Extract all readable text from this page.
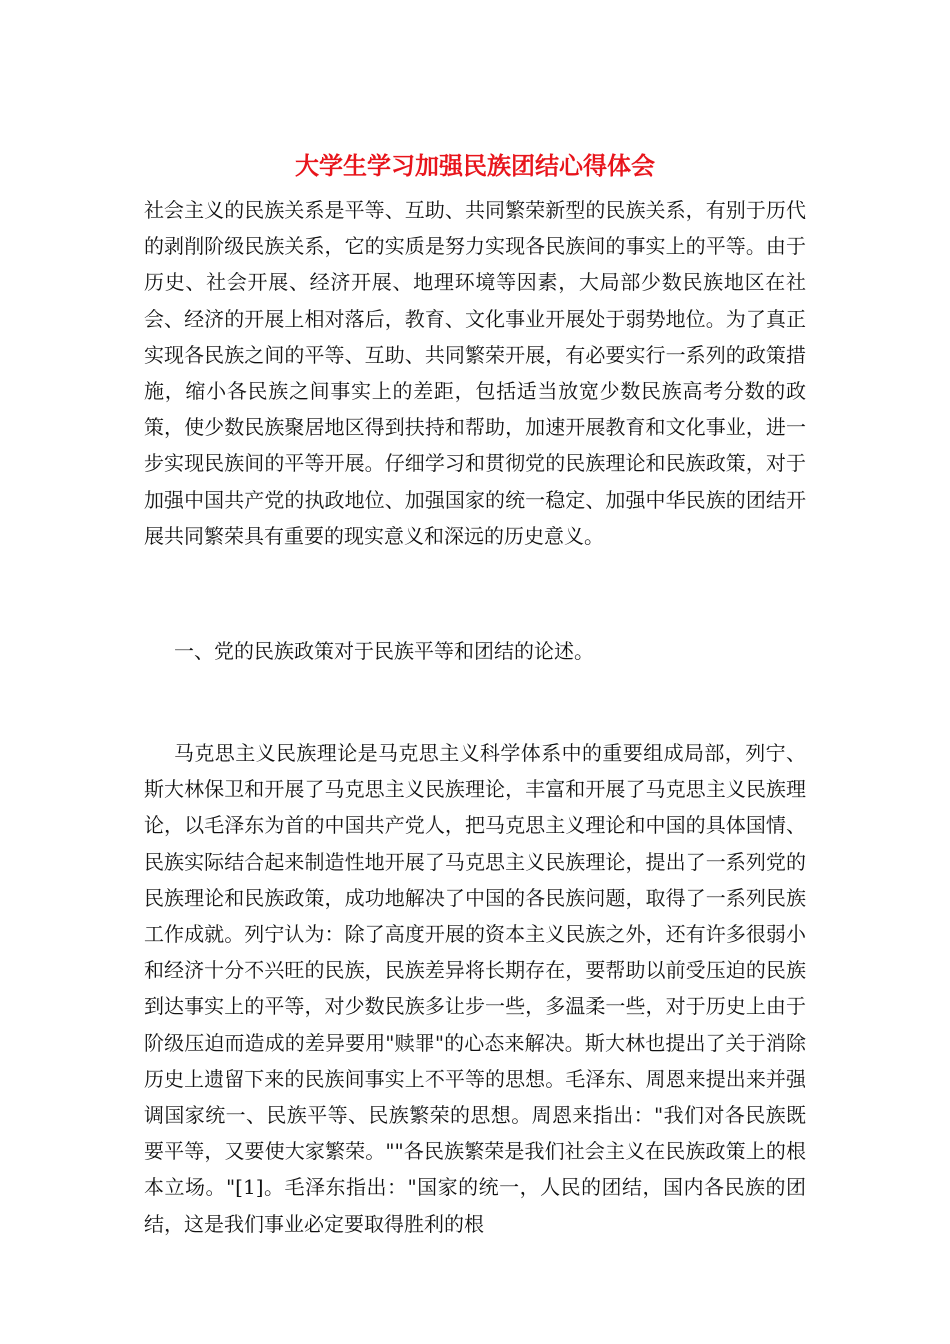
大学生学习加强民族团结心得体会

社会主义的民族关系是平等、互助、共同繁荣新型的民族关系，有别于历代的剥削阶级民族关系，它的实质是努力实现各民族间的事实上的平等。由于历史、社会开展、经济开展、地理环境等因素，大局部少数民族地区在社会、经济的开展上相对落后，教育、文化事业开展处于弱势地位。为了真正实现各民族之间的平等、互助、共同繁荣开展，有必要实行一系列的政策措施，缩小各民族之间事实上的差距，包括适当放宽少数民族高考分数的政策，使少数民族聚居地区得到扶持和帮助，加速开展教育和文化事业，进一步实现民族间的平等开展。仔细学习和贯彻党的民族理论和民族政策，对于加强中国共产党的执政地位、加强国家的统一稳定、加强中华民族的团结开展共同繁荣具有重要的现实意义和深远的历史意义。

一、党的民族政策对于民族平等和团结的论述。

马克思主义民族理论是马克思主义科学体系中的重要组成局部，列宁、斯大林保卫和开展了马克思主义民族理论，丰富和开展了马克思主义民族理论，以毛泽东为首的中国共产党人，把马克思主义理论和中国的具体国情、民族实际结合起来制造性地开展了马克思主义民族理论，提出了一系列党的民族理论和民族政策，成功地解决了中国的各民族问题，取得了一系列民族工作成就。列宁认为：除了高度开展的资本主义民族之外，还有许多很弱小和经济十分不兴旺的民族，民族差异将长期存在，要帮助以前受压迫的民族到达事实上的平等，对少数民族多让步一些，多温柔一些，对于历史上由于阶级压迫而造成的差异要用"赎罪"的心态来解决。斯大林也提出了关于消除历史上遗留下来的民族间事实上不平等的思想。毛泽东、周恩来提出来并强调国家统一、民族平等、民族繁荣的思想。周恩来指出："我们对各民族既要平等，又要使大家繁荣。""各民族繁荣是我们社会主义在民族政策上的根本立场。"[1]。毛泽东指出："国家的统一，人民的团结，国内各民族的团结，这是我们事业必定要取得胜利的根
